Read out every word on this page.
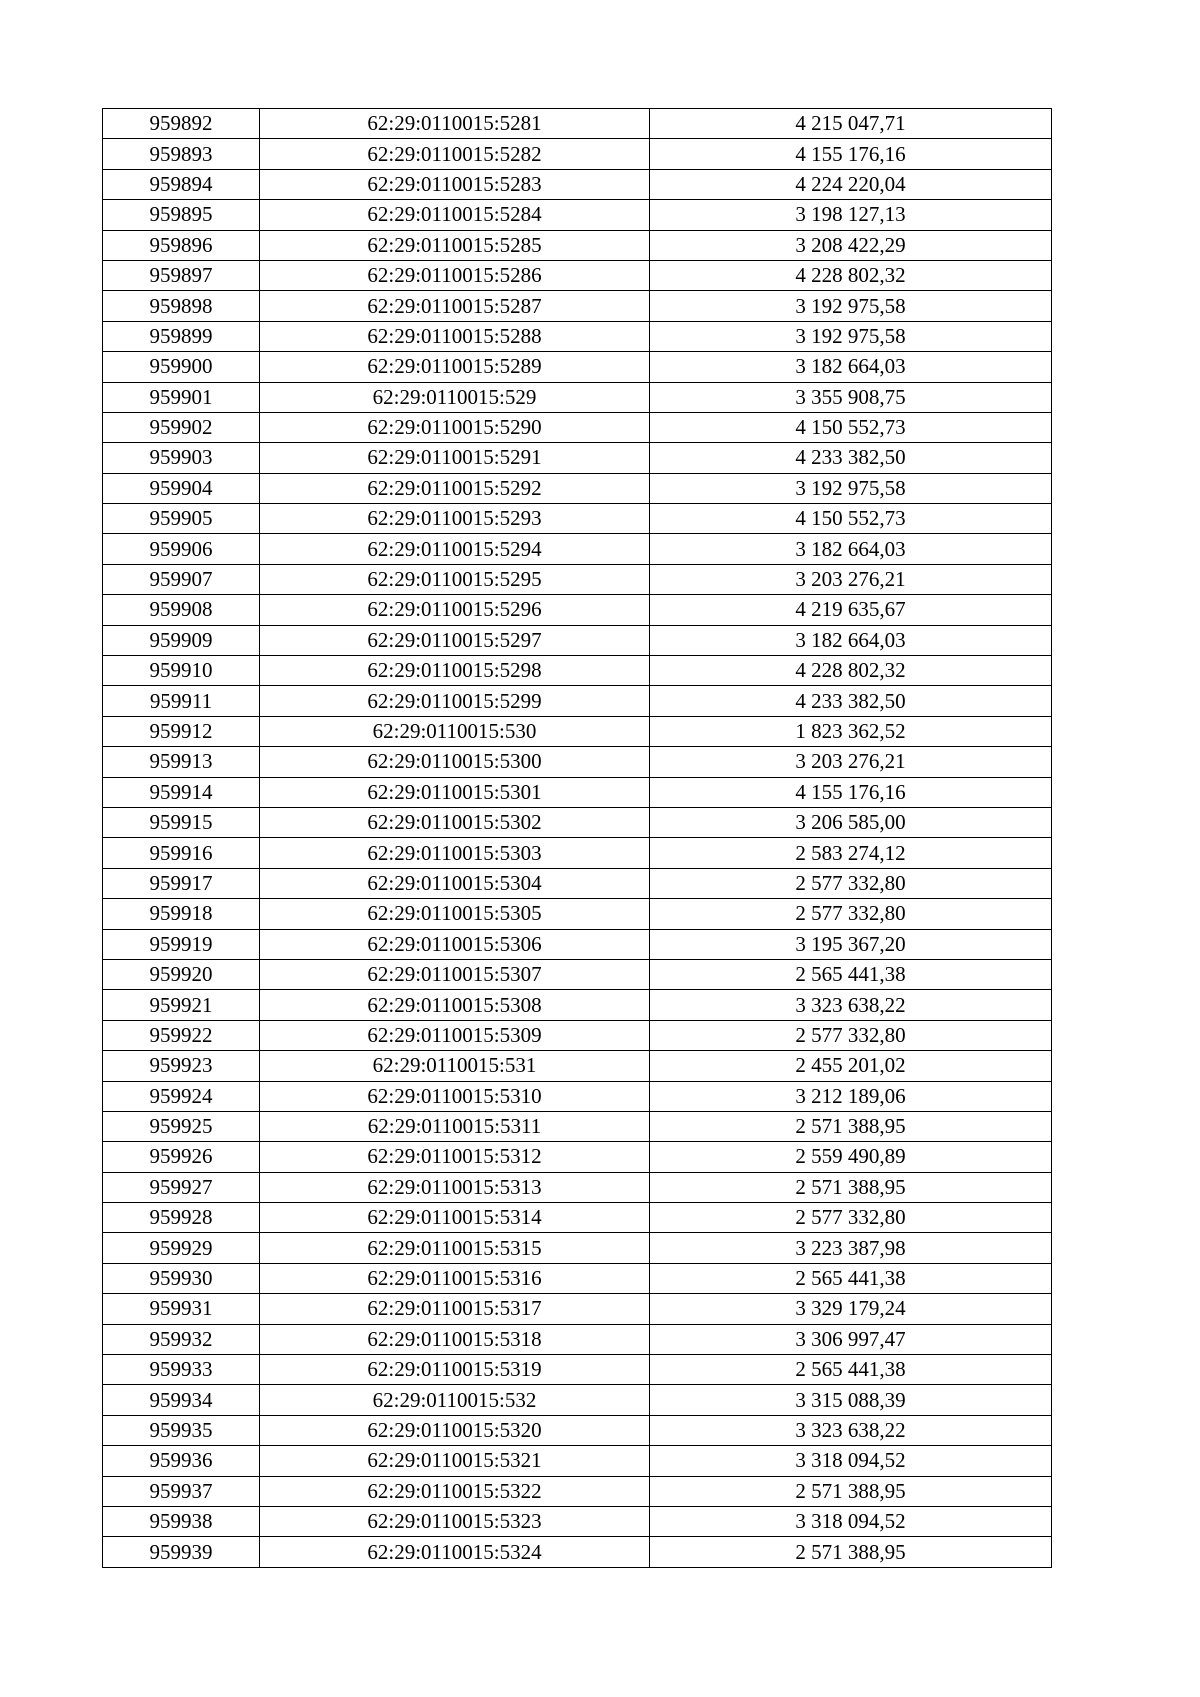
959892	62:29:0110015:5281	4 215 047,71
959893	62:29:0110015:5282	4 155 176,16
959894	62:29:0110015:5283	4 224 220,04
959895	62:29:0110015:5284	3 198 127,13
959896	62:29:0110015:5285	3 208 422,29
959897	62:29:0110015:5286	4 228 802,32
959898	62:29:0110015:5287	3 192 975,58
959899	62:29:0110015:5288	3 192 975,58
959900	62:29:0110015:5289	3 182 664,03
959901	62:29:0110015:529	3 355 908,75
959902	62:29:0110015:5290	4 150 552,73
959903	62:29:0110015:5291	4 233 382,50
959904	62:29:0110015:5292	3 192 975,58
959905	62:29:0110015:5293	4 150 552,73
959906	62:29:0110015:5294	3 182 664,03
959907	62:29:0110015:5295	3 203 276,21
959908	62:29:0110015:5296	4 219 635,67
959909	62:29:0110015:5297	3 182 664,03
959910	62:29:0110015:5298	4 228 802,32
959911	62:29:0110015:5299	4 233 382,50
959912	62:29:0110015:530	1 823 362,52
959913	62:29:0110015:5300	3 203 276,21
959914	62:29:0110015:5301	4 155 176,16
959915	62:29:0110015:5302	3 206 585,00
959916	62:29:0110015:5303	2 583 274,12
959917	62:29:0110015:5304	2 577 332,80
959918	62:29:0110015:5305	2 577 332,80
959919	62:29:0110015:5306	3 195 367,20
959920	62:29:0110015:5307	2 565 441,38
959921	62:29:0110015:5308	3 323 638,22
959922	62:29:0110015:5309	2 577 332,80
959923	62:29:0110015:531	2 455 201,02
959924	62:29:0110015:5310	3 212 189,06
959925	62:29:0110015:5311	2 571 388,95
959926	62:29:0110015:5312	2 559 490,89
959927	62:29:0110015:5313	2 571 388,95
959928	62:29:0110015:5314	2 577 332,80
959929	62:29:0110015:5315	3 223 387,98
959930	62:29:0110015:5316	2 565 441,38
959931	62:29:0110015:5317	3 329 179,24
959932	62:29:0110015:5318	3 306 997,47
959933	62:29:0110015:5319	2 565 441,38
959934	62:29:0110015:532	3 315 088,39
959935	62:29:0110015:5320	3 323 638,22
959936	62:29:0110015:5321	3 318 094,52
959937	62:29:0110015:5322	2 571 388,95
959938	62:29:0110015:5323	3 318 094,52
959939	62:29:0110015:5324	2 571 388,95
